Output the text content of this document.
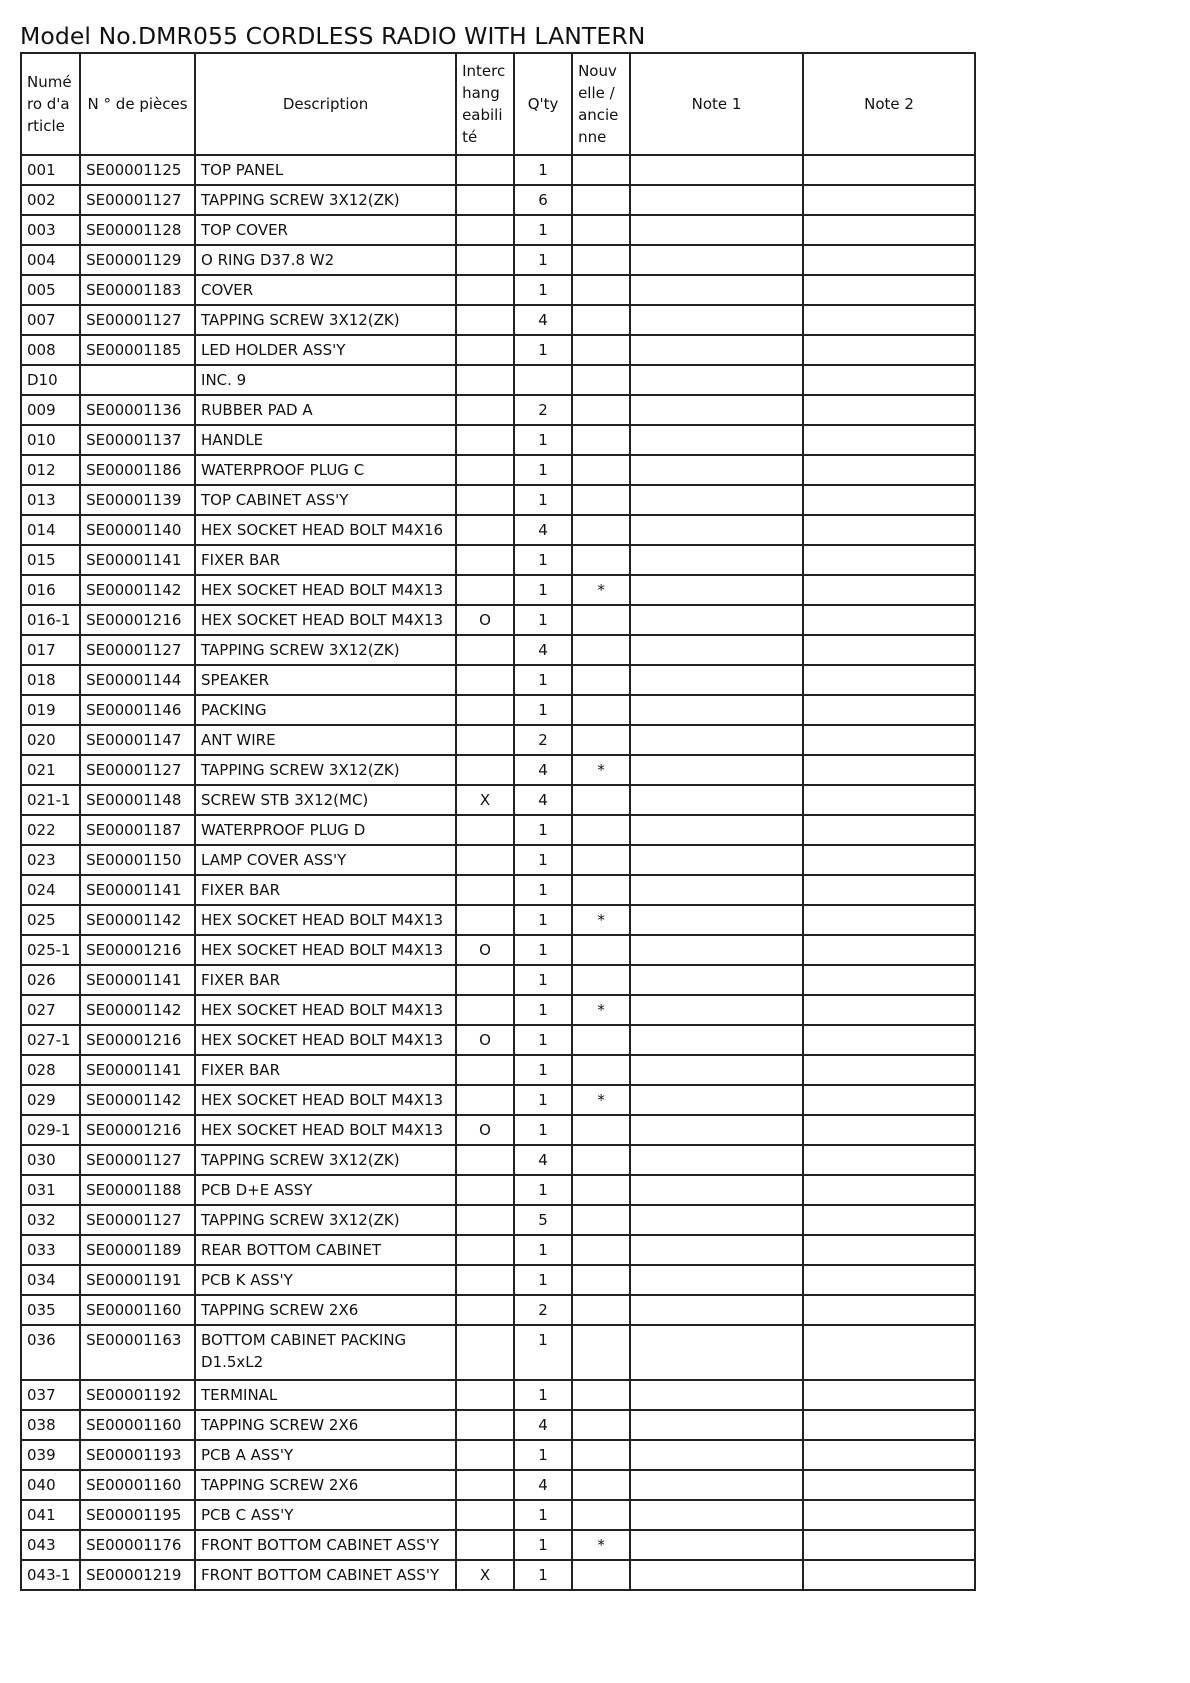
Model No.DMR055 CORDLESS RADIO WITH LANTERN
Numéro d'article	N ° de pièces	Description	Interchangeabilité	Q'ty	Nouvelle / ancienne	Note 1	Note 2
001	SE00001125	TOP PANEL		1			
002	SE00001127	TAPPING SCREW 3X12(ZK)		6			
003	SE00001128	TOP COVER		1			
004	SE00001129	O RING D37.8 W2		1			
005	SE00001183	COVER		1			
007	SE00001127	TAPPING SCREW 3X12(ZK)		4			
008	SE00001185	LED HOLDER ASS'Y		1			
D10		INC. 9					
009	SE00001136	RUBBER PAD A		2			
010	SE00001137	HANDLE		1			
012	SE00001186	WATERPROOF PLUG C		1			
013	SE00001139	TOP CABINET ASS'Y		1			
014	SE00001140	HEX SOCKET HEAD BOLT M4X16		4			
015	SE00001141	FIXER BAR		1			
016	SE00001142	HEX SOCKET HEAD BOLT M4X13		1	*		
016-1	SE00001216	HEX SOCKET HEAD BOLT M4X13	O	1			
017	SE00001127	TAPPING SCREW 3X12(ZK)		4			
018	SE00001144	SPEAKER		1			
019	SE00001146	PACKING		1			
020	SE00001147	ANT WIRE		2			
021	SE00001127	TAPPING SCREW 3X12(ZK)		4	*		
021-1	SE00001148	SCREW STB 3X12(MC)	X	4			
022	SE00001187	WATERPROOF PLUG D		1			
023	SE00001150	LAMP COVER ASS'Y		1			
024	SE00001141	FIXER BAR		1			
025	SE00001142	HEX SOCKET HEAD BOLT M4X13		1	*		
025-1	SE00001216	HEX SOCKET HEAD BOLT M4X13	O	1			
026	SE00001141	FIXER BAR		1			
027	SE00001142	HEX SOCKET HEAD BOLT M4X13		1	*		
027-1	SE00001216	HEX SOCKET HEAD BOLT M4X13	O	1			
028	SE00001141	FIXER BAR		1			
029	SE00001142	HEX SOCKET HEAD BOLT M4X13		1	*		
029-1	SE00001216	HEX SOCKET HEAD BOLT M4X13	O	1			
030	SE00001127	TAPPING SCREW 3X12(ZK)		4			
031	SE00001188	PCB D+E ASSY		1			
032	SE00001127	TAPPING SCREW 3X12(ZK)		5			
033	SE00001189	REAR BOTTOM CABINET		1			
034	SE00001191	PCB K ASS'Y		1			
035	SE00001160	TAPPING SCREW 2X6		2			
036	SE00001163	BOTTOM CABINET PACKING D1.5xL2		1			
037	SE00001192	TERMINAL		1			
038	SE00001160	TAPPING SCREW 2X6		4			
039	SE00001193	PCB A ASS'Y		1			
040	SE00001160	TAPPING SCREW 2X6		4			
041	SE00001195	PCB C ASS'Y		1			
043	SE00001176	FRONT BOTTOM CABINET ASS'Y		1	*		
043-1	SE00001219	FRONT BOTTOM CABINET ASS'Y	X	1			
